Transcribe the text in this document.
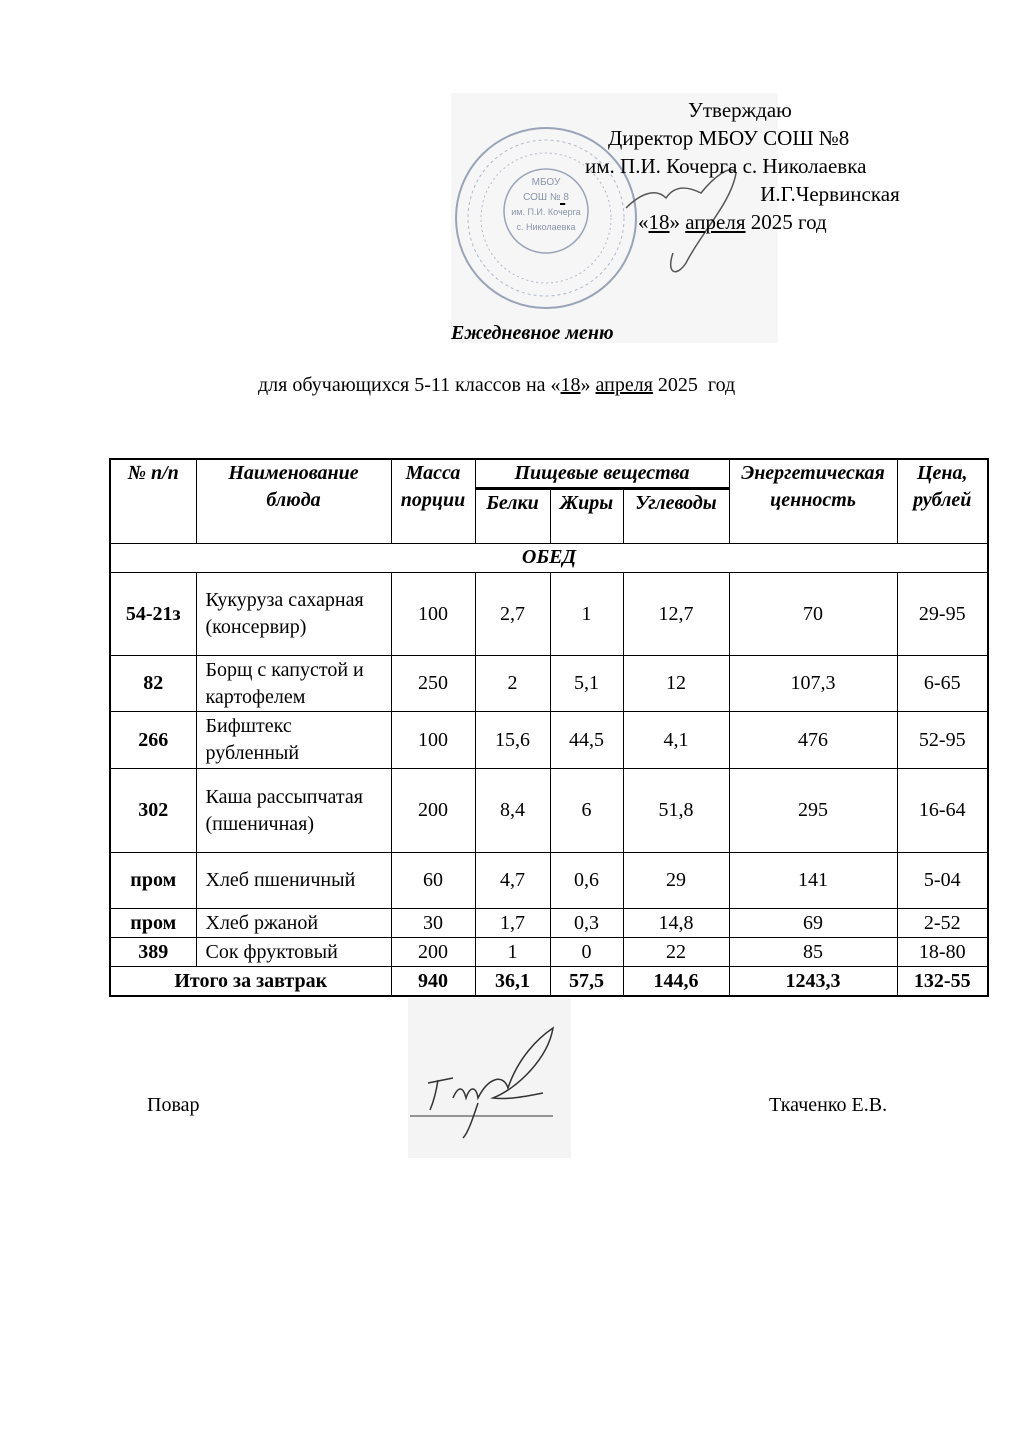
МБОУ
СОШ № 8
им. П.И. Кочерга
с. Николаевка
Утверждаю
Директор МБОУ СОШ №8
им. П.И. Кочерга с. Николаевка
И.Г.Червинская
«18» апреля 2025 год
Ежедневное меню
для обучающихся 5-11 классов на «18» апреля 2025  год
№ п/п	Наименование блюда	Масса порции	Пищевые вещества			Энергетическая ценность	Цена, рублей
			Белки	Жиры	Углеводы		
ОБЕД							
54-21з	Кукуруза сахарная (консервир)	100	2,7	1	12,7	70	29-95
82	Борщ с капустой и картофелем	250	2	5,1	12	107,3	6-65
266	Бифштекс рубленный	100	15,6	44,5	4,1	476	52-95
302	Каша рассыпчатая (пшеничная)	200	8,4	6	51,8	295	16-64
пром	Хлеб пшеничный	60	4,7	0,6	29	141	5-04
пром	Хлеб ржаной	30	1,7	0,3	14,8	69	2-52
389	Сок фруктовый	200	1	0	22	85	18-80
Итого за завтрак		940	36,1	57,5	144,6	1243,3	132-55
Повар	Ткаченко Е.В.
